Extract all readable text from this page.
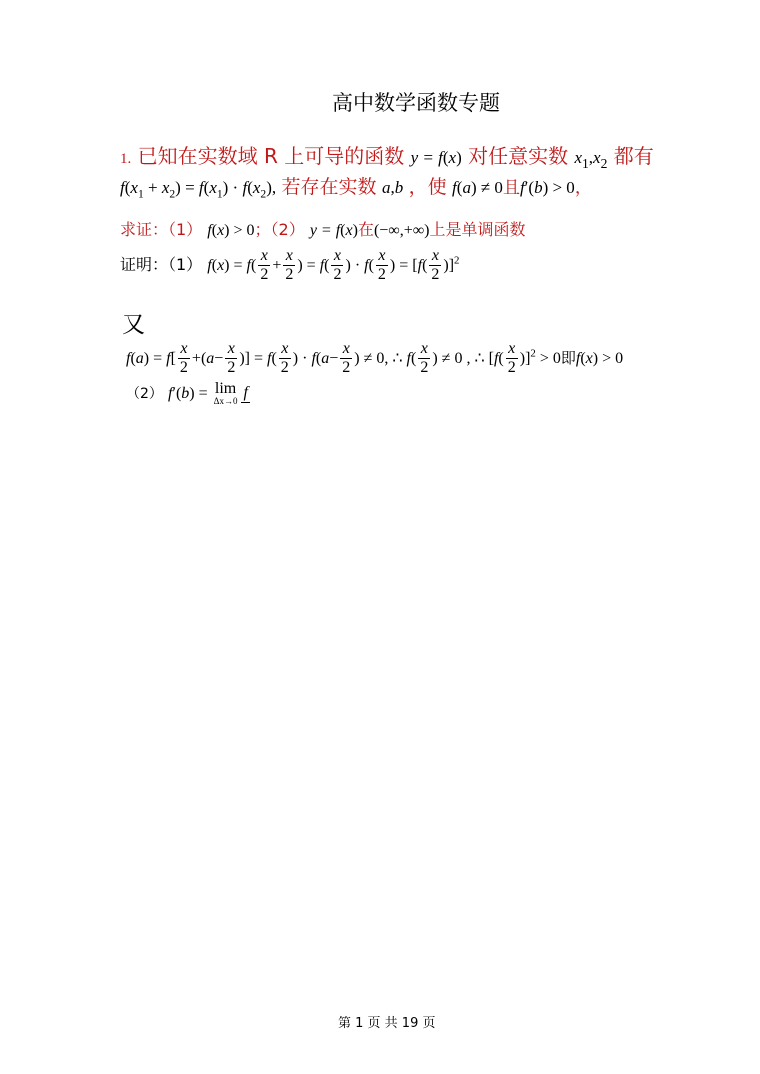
高中数学函数专题
1. 已知在实数域 R 上可导的函数 y = f(x) 对任意实数 $x_1,x_2$ 都有
$f(x_1 + x_2) = f(x_1) \cdot f(x_2)$, 若存在实数 a,b ，使 f(a) ≠ 0且f′(b) > 0，
求证：（1） f(x) > 0；（2） y = f(x)在(−∞,+∞)上是单调函数
证明：（1） $f(x) = f( \frac{x}{2} + \frac{x}{2}$ ) = $f( \frac{x}{2}$ ) · $f( \frac{x}{2}$ ) = $[f( \frac{x}{2} )]^2$
又
$f(a) = f[ \frac{x}{2} +(a- \frac{x}{2}$ )] = $f( \frac{x}{2}$ ) · $f(a- \frac{x}{2}$ ) ≠ 0, ∴ $f( \frac{x}{2}$ ) ≠ 0 , ∴ $[f( \frac{x}{2} )]^2 > 0$即f(x) > 0
（2） f′(b) = lim
Δx→0 f
第 1 页 共 19 页
